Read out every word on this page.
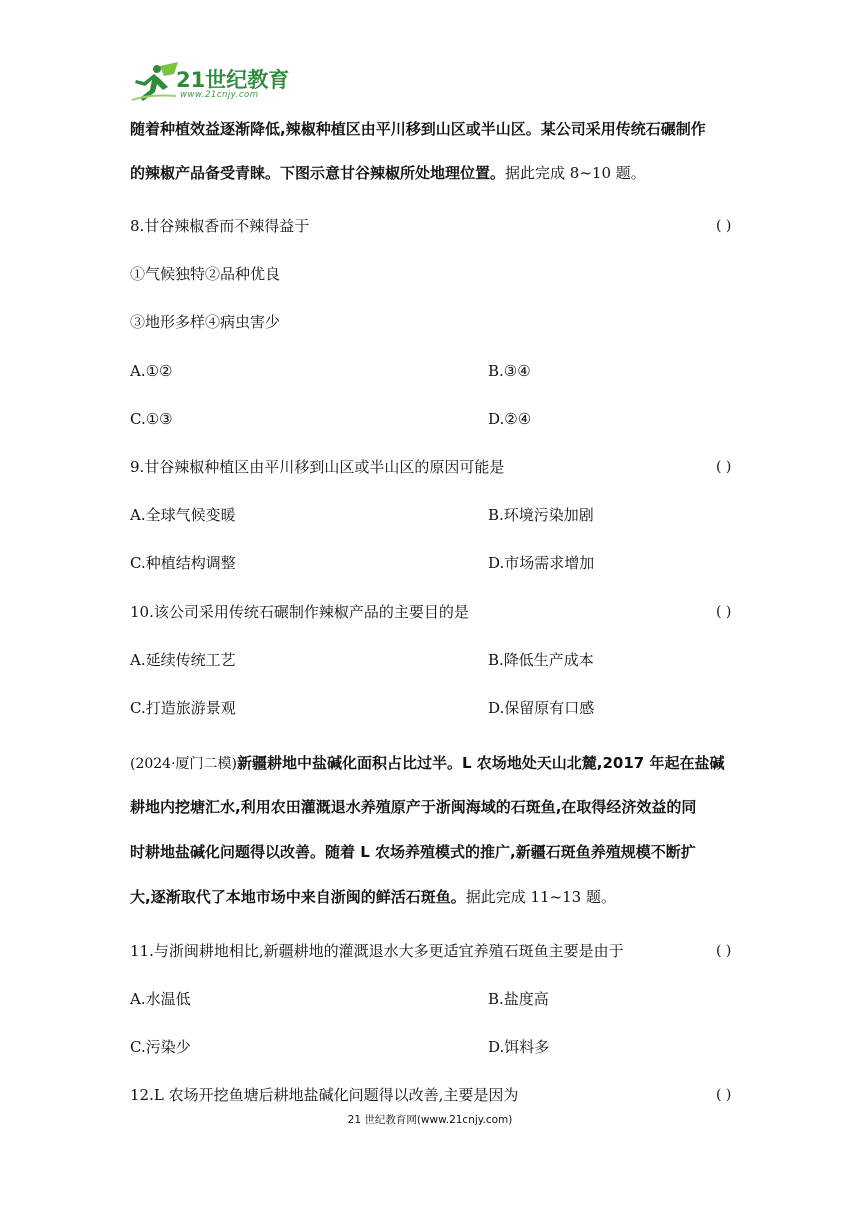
21世纪教育
www.21cnjy.com
随着种植效益逐渐降低,辣椒种植区由平川移到山区或半山区。某公司采用传统石碾制作
的辣椒产品备受青睐。下图示意甘谷辣椒所处地理位置。据此完成 8~10 题。
8.甘谷辣椒香而不辣得益于	( )
①气候独特②品种优良
③地形多样④病虫害少
A.①②	B.③④
C.①③	D.②④
9.甘谷辣椒种植区由平川移到山区或半山区的原因可能是	( )
A.全球气候变暖	B.环境污染加剧
C.种植结构调整	D.市场需求增加
10.该公司采用传统石碾制作辣椒产品的主要目的是	( )
A.延续传统工艺	B.降低生产成本
C.打造旅游景观	D.保留原有口感
(2024·厦门二模)新疆耕地中盐碱化面积占比过半。L 农场地处天山北麓,2017 年起在盐碱
耕地内挖塘汇水,利用农田灌溉退水养殖原产于浙闽海域的石斑鱼,在取得经济效益的同
时耕地盐碱化问题得以改善。随着 L 农场养殖模式的推广,新疆石斑鱼养殖规模不断扩
大,逐渐取代了本地市场中来自浙闽的鲜活石斑鱼。据此完成 11~13 题。
11.与浙闽耕地相比,新疆耕地的灌溉退水大多更适宜养殖石斑鱼主要是由于	( )
A.水温低	B.盐度高
C.污染少	D.饵料多
12.L 农场开挖鱼塘后耕地盐碱化问题得以改善,主要是因为	( )
21 世纪教育网(www.21cnjy.com)
